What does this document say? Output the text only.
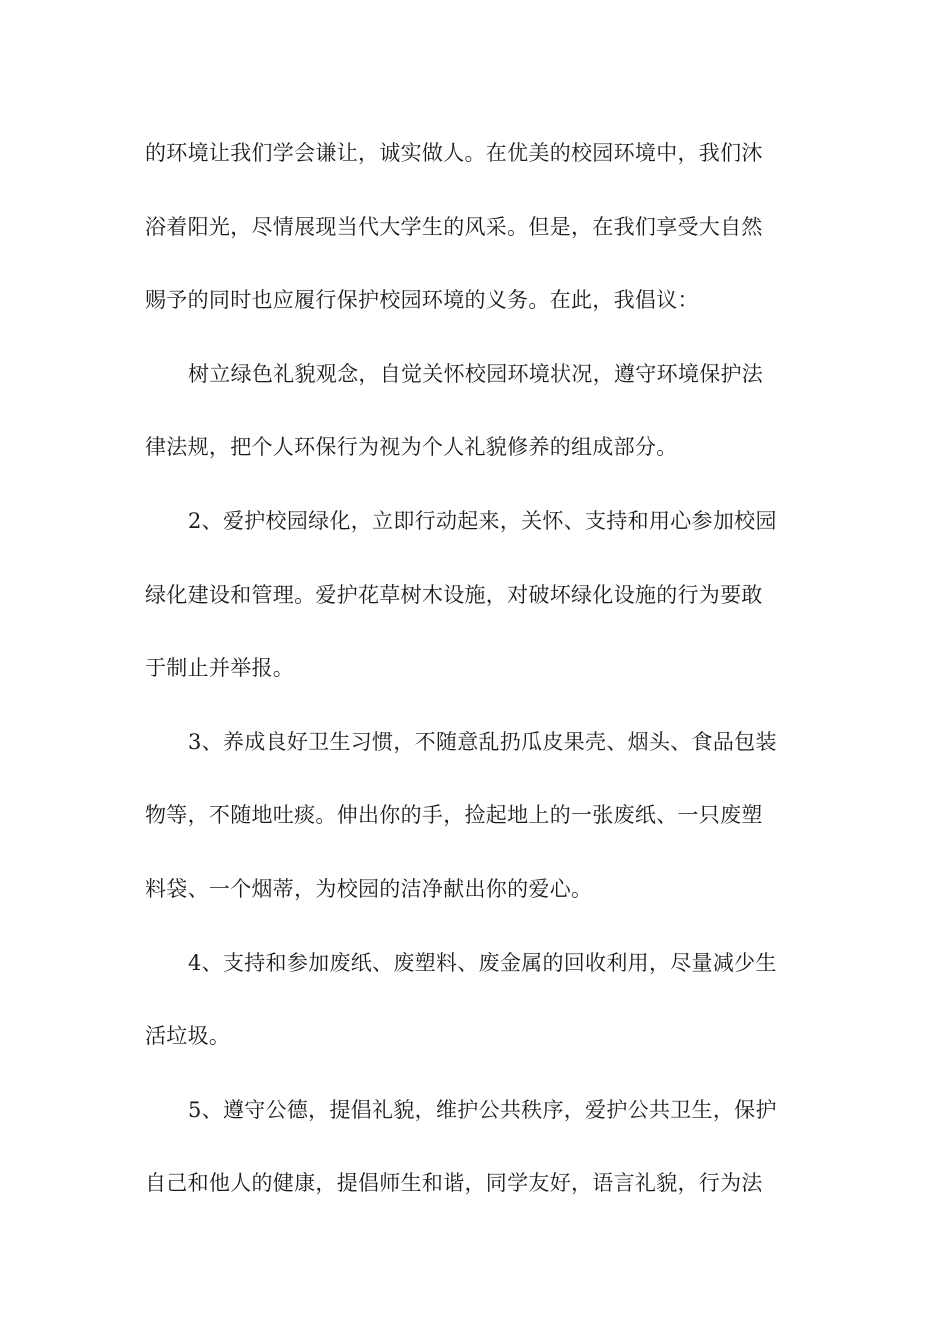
的环境让我们学会谦让，诚实做人。在优美的校园环境中，我们沐
浴着阳光，尽情展现当代大学生的风采。但是，在我们享受大自然
赐予的同时也应履行保护校园环境的义务。在此，我倡议：
树立绿色礼貌观念，自觉关怀校园环境状况，遵守环境保护法
律法规，把个人环保行为视为个人礼貌修养的组成部分。
2、爱护校园绿化，立即行动起来，关怀、支持和用心参加校园
绿化建设和管理。爱护花草树木设施，对破坏绿化设施的行为要敢
于制止并举报。
3、养成良好卫生习惯，不随意乱扔瓜皮果壳、烟头、食品包装
物等，不随地吐痰。伸出你的手，捡起地上的一张废纸、一只废塑
料袋、一个烟蒂，为校园的洁净献出你的爱心。
4、支持和参加废纸、废塑料、废金属的回收利用，尽量减少生
活垃圾。
5、遵守公德，提倡礼貌，维护公共秩序，爱护公共卫生，保护
自己和他人的健康，提倡师生和谐，同学友好，语言礼貌，行为法
